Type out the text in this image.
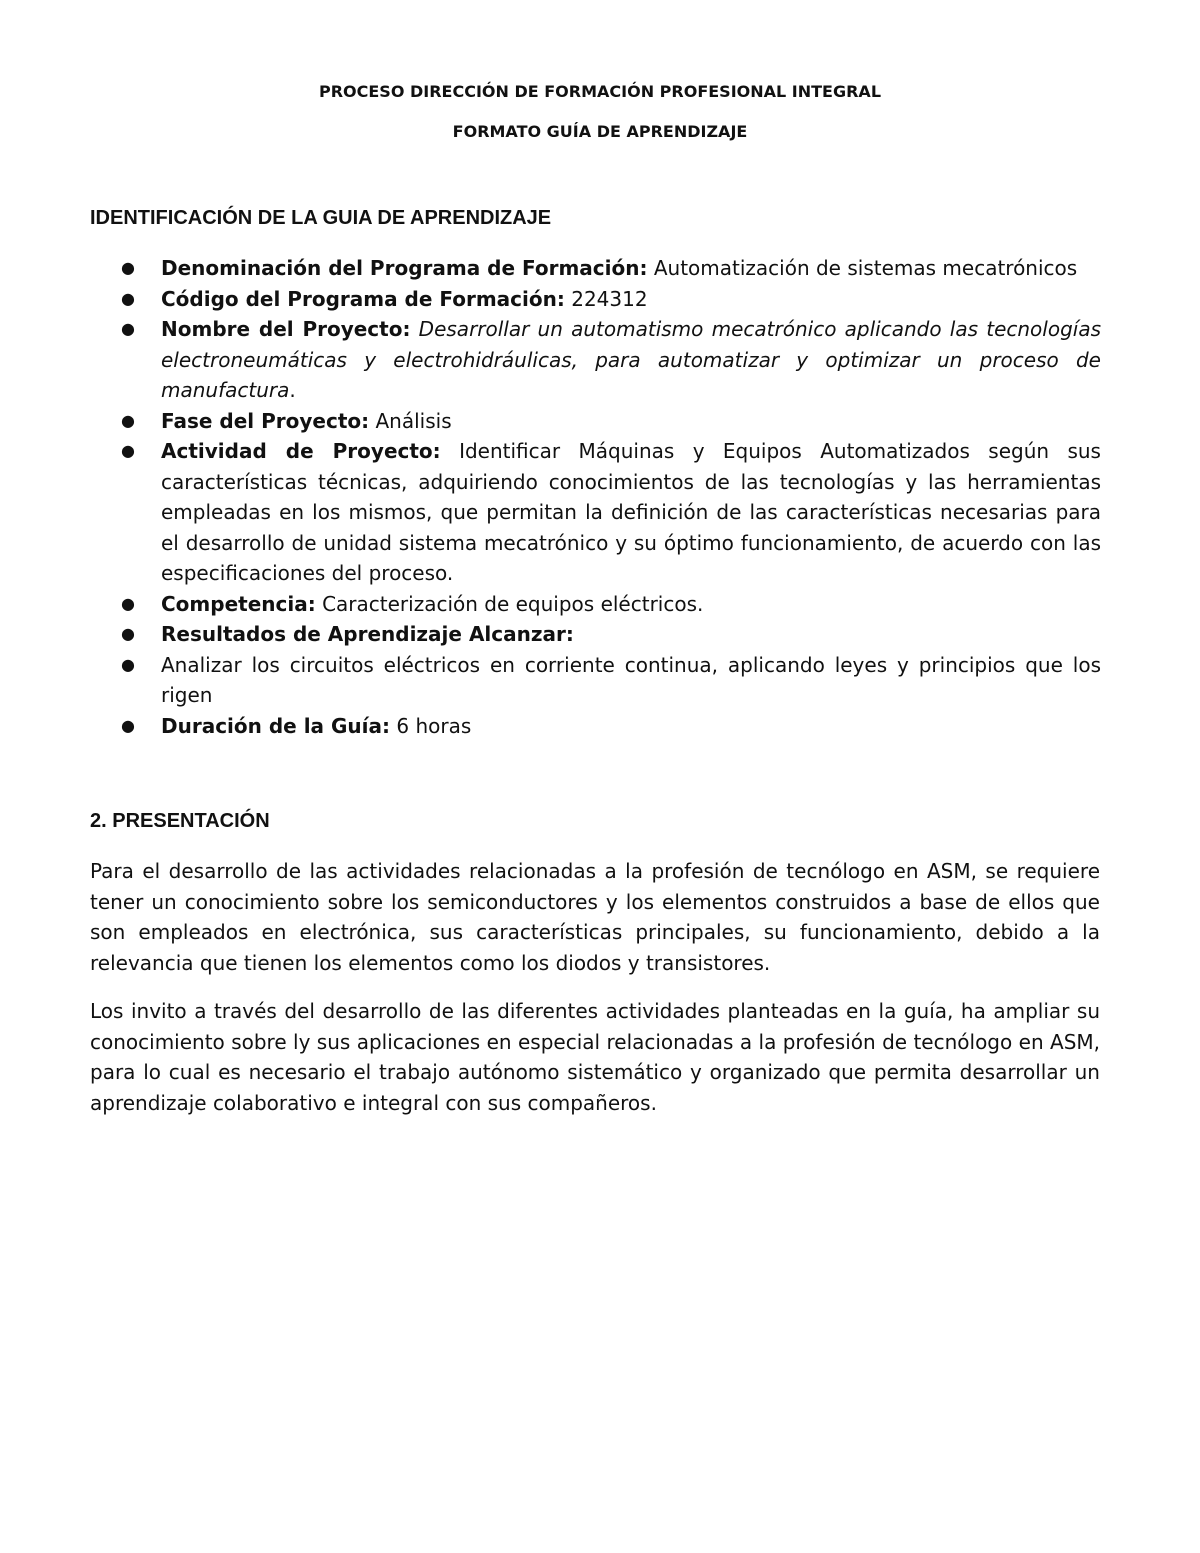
PROCESO DIRECCIÓN DE FORMACIÓN PROFESIONAL INTEGRAL
FORMATO GUÍA DE APRENDIZAJE
IDENTIFICACIÓN DE LA GUIA DE APRENDIZAJE
● Denominación del Programa de Formación: Automatización de sistemas mecatrónicos
● Código del Programa de Formación: 224312
● Nombre del Proyecto: Desarrollar un automatismo mecatrónico aplicando las tecnologías electroneumáticas y electrohidráulicas, para automatizar y optimizar un proceso de manufactura.
● Fase del Proyecto: Análisis
● Actividad de Proyecto: Identificar Máquinas y Equipos Automatizados según sus características técnicas, adquiriendo conocimientos de las tecnologías y las herramientas empleadas en los mismos, que permitan la definición de las características necesarias para el desarrollo de unidad sistema mecatrónico y su óptimo funcionamiento, de acuerdo con las especificaciones del proceso.
● Competencia: Caracterización de equipos eléctricos.
● Resultados de Aprendizaje Alcanzar:
● Analizar los circuitos eléctricos en corriente continua, aplicando leyes y principios que los rigen
● Duración de la Guía: 6 horas
2. PRESENTACIÓN

Para el desarrollo de las actividades relacionadas a la profesión de tecnólogo en ASM, se requiere tener un conocimiento sobre los semiconductores y los elementos construidos a base de ellos que son empleados en electrónica, sus características principales, su funcionamiento, debido a la relevancia que tienen los elementos como los diodos y transistores.

Los invito a través del desarrollo de las diferentes actividades planteadas en la guía, ha ampliar su conocimiento sobre ly sus aplicaciones en especial relacionadas a la profesión de tecnólogo en ASM, para lo cual es necesario el trabajo autónomo sistemático y organizado que permita desarrollar un aprendizaje colaborativo e integral con sus compañeros.
